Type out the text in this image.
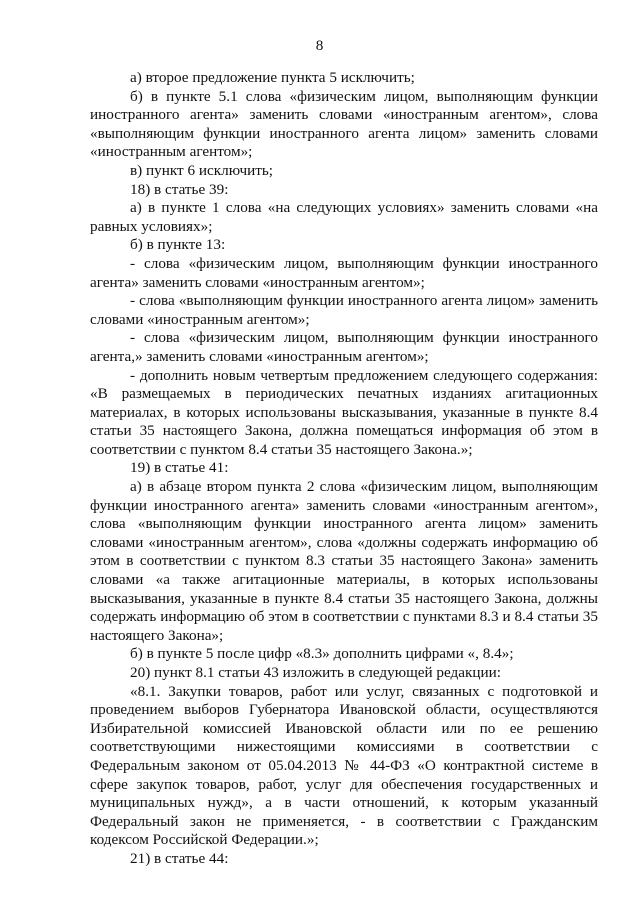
8

а) второе предложение пункта 5 исключить;

б) в пункте 5.1 слова «физическим лицом, выполняющим функции иностранного агента» заменить словами «иностранным агентом», слова «выполняющим функции иностранного агента лицом» заменить словами «иностранным агентом»;

в) пункт 6 исключить;

18) в статье 39:

а) в пункте 1 слова «на следующих условиях» заменить словами «на равных условиях»;

б) в пункте 13:

- слова «физическим лицом, выполняющим функции иностранного агента» заменить словами «иностранным агентом»;

- слова «выполняющим функции иностранного агента лицом» заменить словами «иностранным агентом»;

- слова «физическим лицом, выполняющим функции иностранного агента,» заменить словами «иностранным агентом»;

- дополнить новым четвертым предложением следующего содержания: «В размещаемых в периодических печатных изданиях агитационных материалах, в которых использованы высказывания, указанные в пункте 8.4 статьи 35 настоящего Закона, должна помещаться информация об этом в соответствии с пунктом 8.4 статьи 35 настоящего Закона.»;

19) в статье 41:

а) в абзаце втором пункта 2 слова «физическим лицом, выполняющим функции иностранного агента» заменить словами «иностранным агентом», слова «выполняющим функции иностранного агента лицом» заменить словами «иностранным агентом», слова «должны содержать информацию об этом в соответствии с пунктом 8.3 статьи 35 настоящего Закона» заменить словами «а также агитационные материалы, в которых использованы высказывания, указанные в пункте 8.4 статьи 35 настоящего Закона, должны содержать информацию об этом в соответствии с пунктами 8.3 и 8.4 статьи 35 настоящего Закона»;

б) в пункте 5 после цифр «8.3» дополнить цифрами «, 8.4»;

20) пункт 8.1 статьи 43 изложить в следующей редакции:

«8.1. Закупки товаров, работ или услуг, связанных с подготовкой и проведением выборов Губернатора Ивановской области, осуществляются Избирательной комиссией Ивановской области или по ее решению соответствующими нижестоящими комиссиями в соответствии с Федеральным законом от 05.04.2013 № 44-ФЗ «О контрактной системе в сфере закупок товаров, работ, услуг для обеспечения государственных и муниципальных нужд», а в части отношений, к которым указанный Федеральный закон не применяется, - в соответствии с Гражданским кодексом Российской Федерации.»;

21) в статье 44:
